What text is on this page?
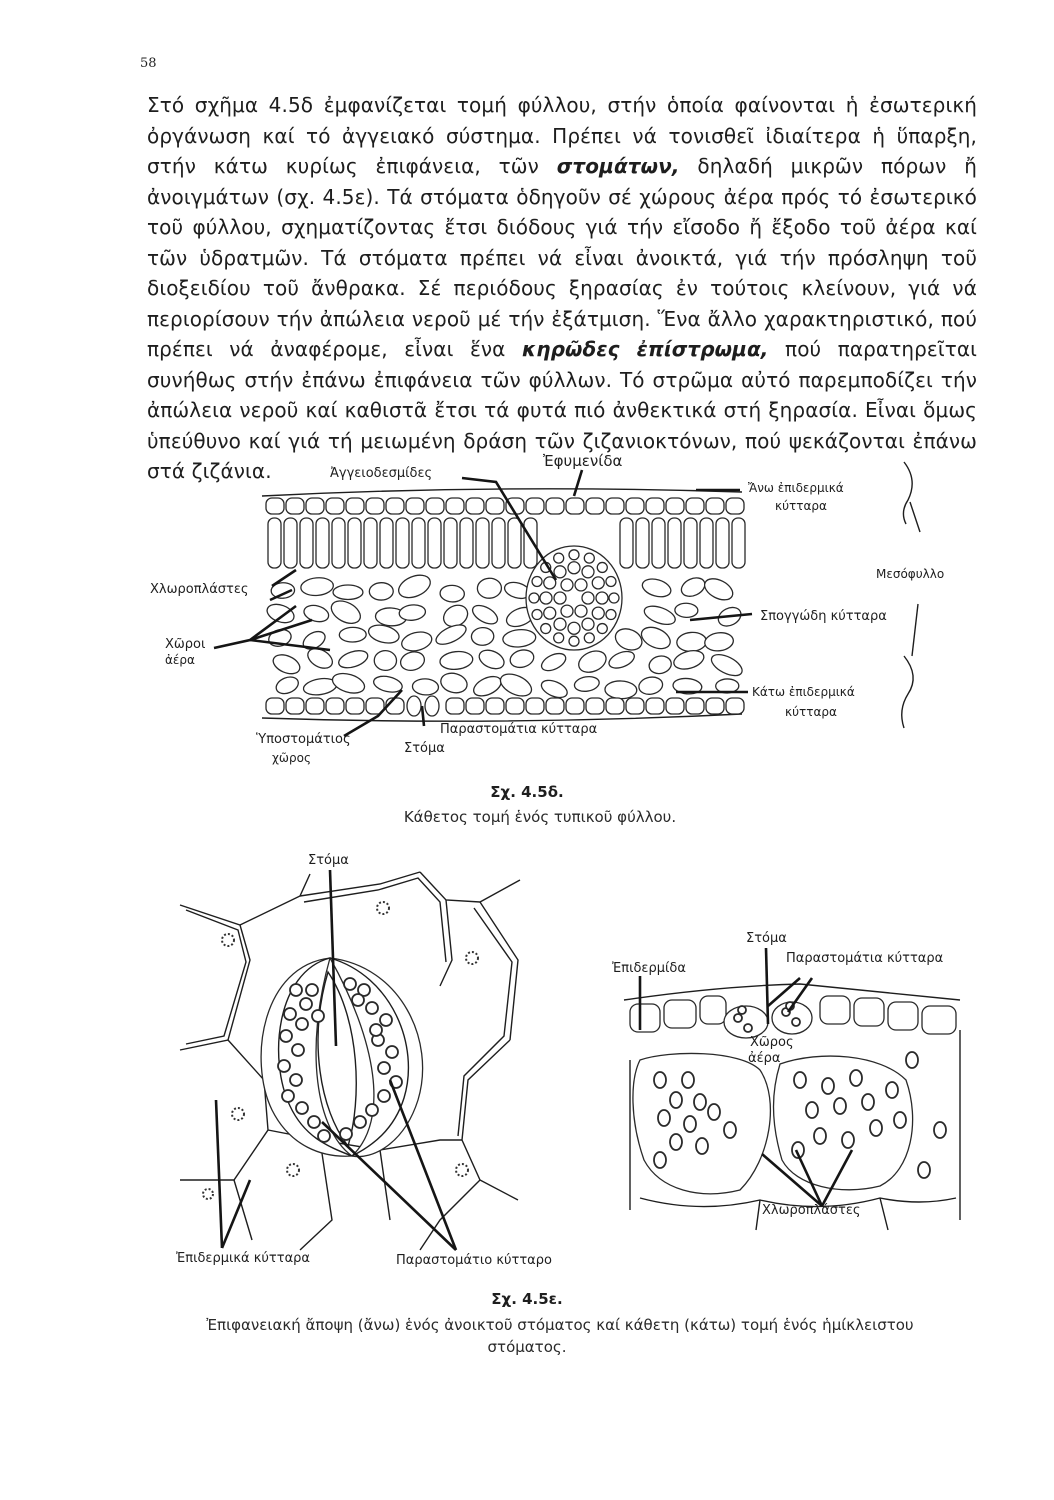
58
Στό σχῆμα 4.5δ ἐμφανίζεται τομή φύλλου, στήν ὁποία φαίνονται ἡ ἐσωτερική ὀργάνωση καί τό ἀγγειακό σύστημα. Πρέπει νά τονισθεῖ ἰδιαίτερα ἡ ὕπαρξη, στήν κάτω κυρίως ἐπιφάνεια, τῶν στομάτων, δηλαδή μικρῶν πόρων ἤ ἀνοιγμάτων (σχ. 4.5ε). Τά στόματα ὁδηγοῦν σέ χώρους ἀέρα πρός τό ἐσωτερικό τοῦ φύλλου, σχηματίζοντας ἔτσι διόδους γιά τήν εἴσοδο ἤ ἔξοδο τοῦ ἀέρα καί τῶν ὑδρατμῶν. Τά στόματα πρέπει νά εἶναι ἀνοικτά, γιά τήν πρόσληψη τοῦ διοξειδίου τοῦ ἄνθρακα. Σέ περιόδους ξηρασίας ἐν τούτοις κλείνουν, γιά νά περιορίσουν τήν ἀπώλεια νεροῦ μέ τήν ἐξάτμιση. Ἕνα ἄλλο χαρακτηριστικό, πού πρέπει νά ἀναφέρομε, εἶναι ἕνα κηρῶδες ἐπίστρωμα, πού παρατηρεῖται συνήθως στήν ἐπάνω ἐπιφάνεια τῶν φύλλων. Τό στρῶμα αὐτό παρεμποδίζει τήν ἀπώλεια νεροῦ καί καθιστᾶ ἔτσι τά φυτά πιό ἀνθεκτικά στή ξηρασία. Εἶναι ὅμως ὑπεύθυνο καί γιά τή μειωμένη δράση τῶν ζιζανιοκτόνων, πού ψεκάζονται ἐπάνω στά ζιζάνια.	Ἀγγειοδεσμίδες
Ἐφυμενίδα
Ἄνω ἐπιδερμικά
κύτταρα
Μεσόφυλλο
Χλωροπλάστες
Σπογγώδη κύτταρα
Χῶροι
ἀέρα
Κάτω ἐπιδερμικά
κύτταρα
Ὑποστομάτιος
χῶρος
Παραστομάτια κύτταρα
Στόμα
Σχ. 4.5δ.
Κάθετος τομή ἑνός τυπικοῦ φύλλου.
Στόμα
Ἐπιδερμικά κύτταρα	Παραστομάτιο κύτταρο
Στόμα
Ἐπιδερμίδα
Παραστομάτια κύτταρα
Χῶρος
ἀέρα
Χλωροπλάστες
Σχ. 4.5ε.
Ἐπιφανειακή ἄποψη (ἄνω) ἑνός ἀνοικτοῦ στόματος καί κάθετη (κάτω) τομή ἑνός ἡμίκλειστου
στόματος.
